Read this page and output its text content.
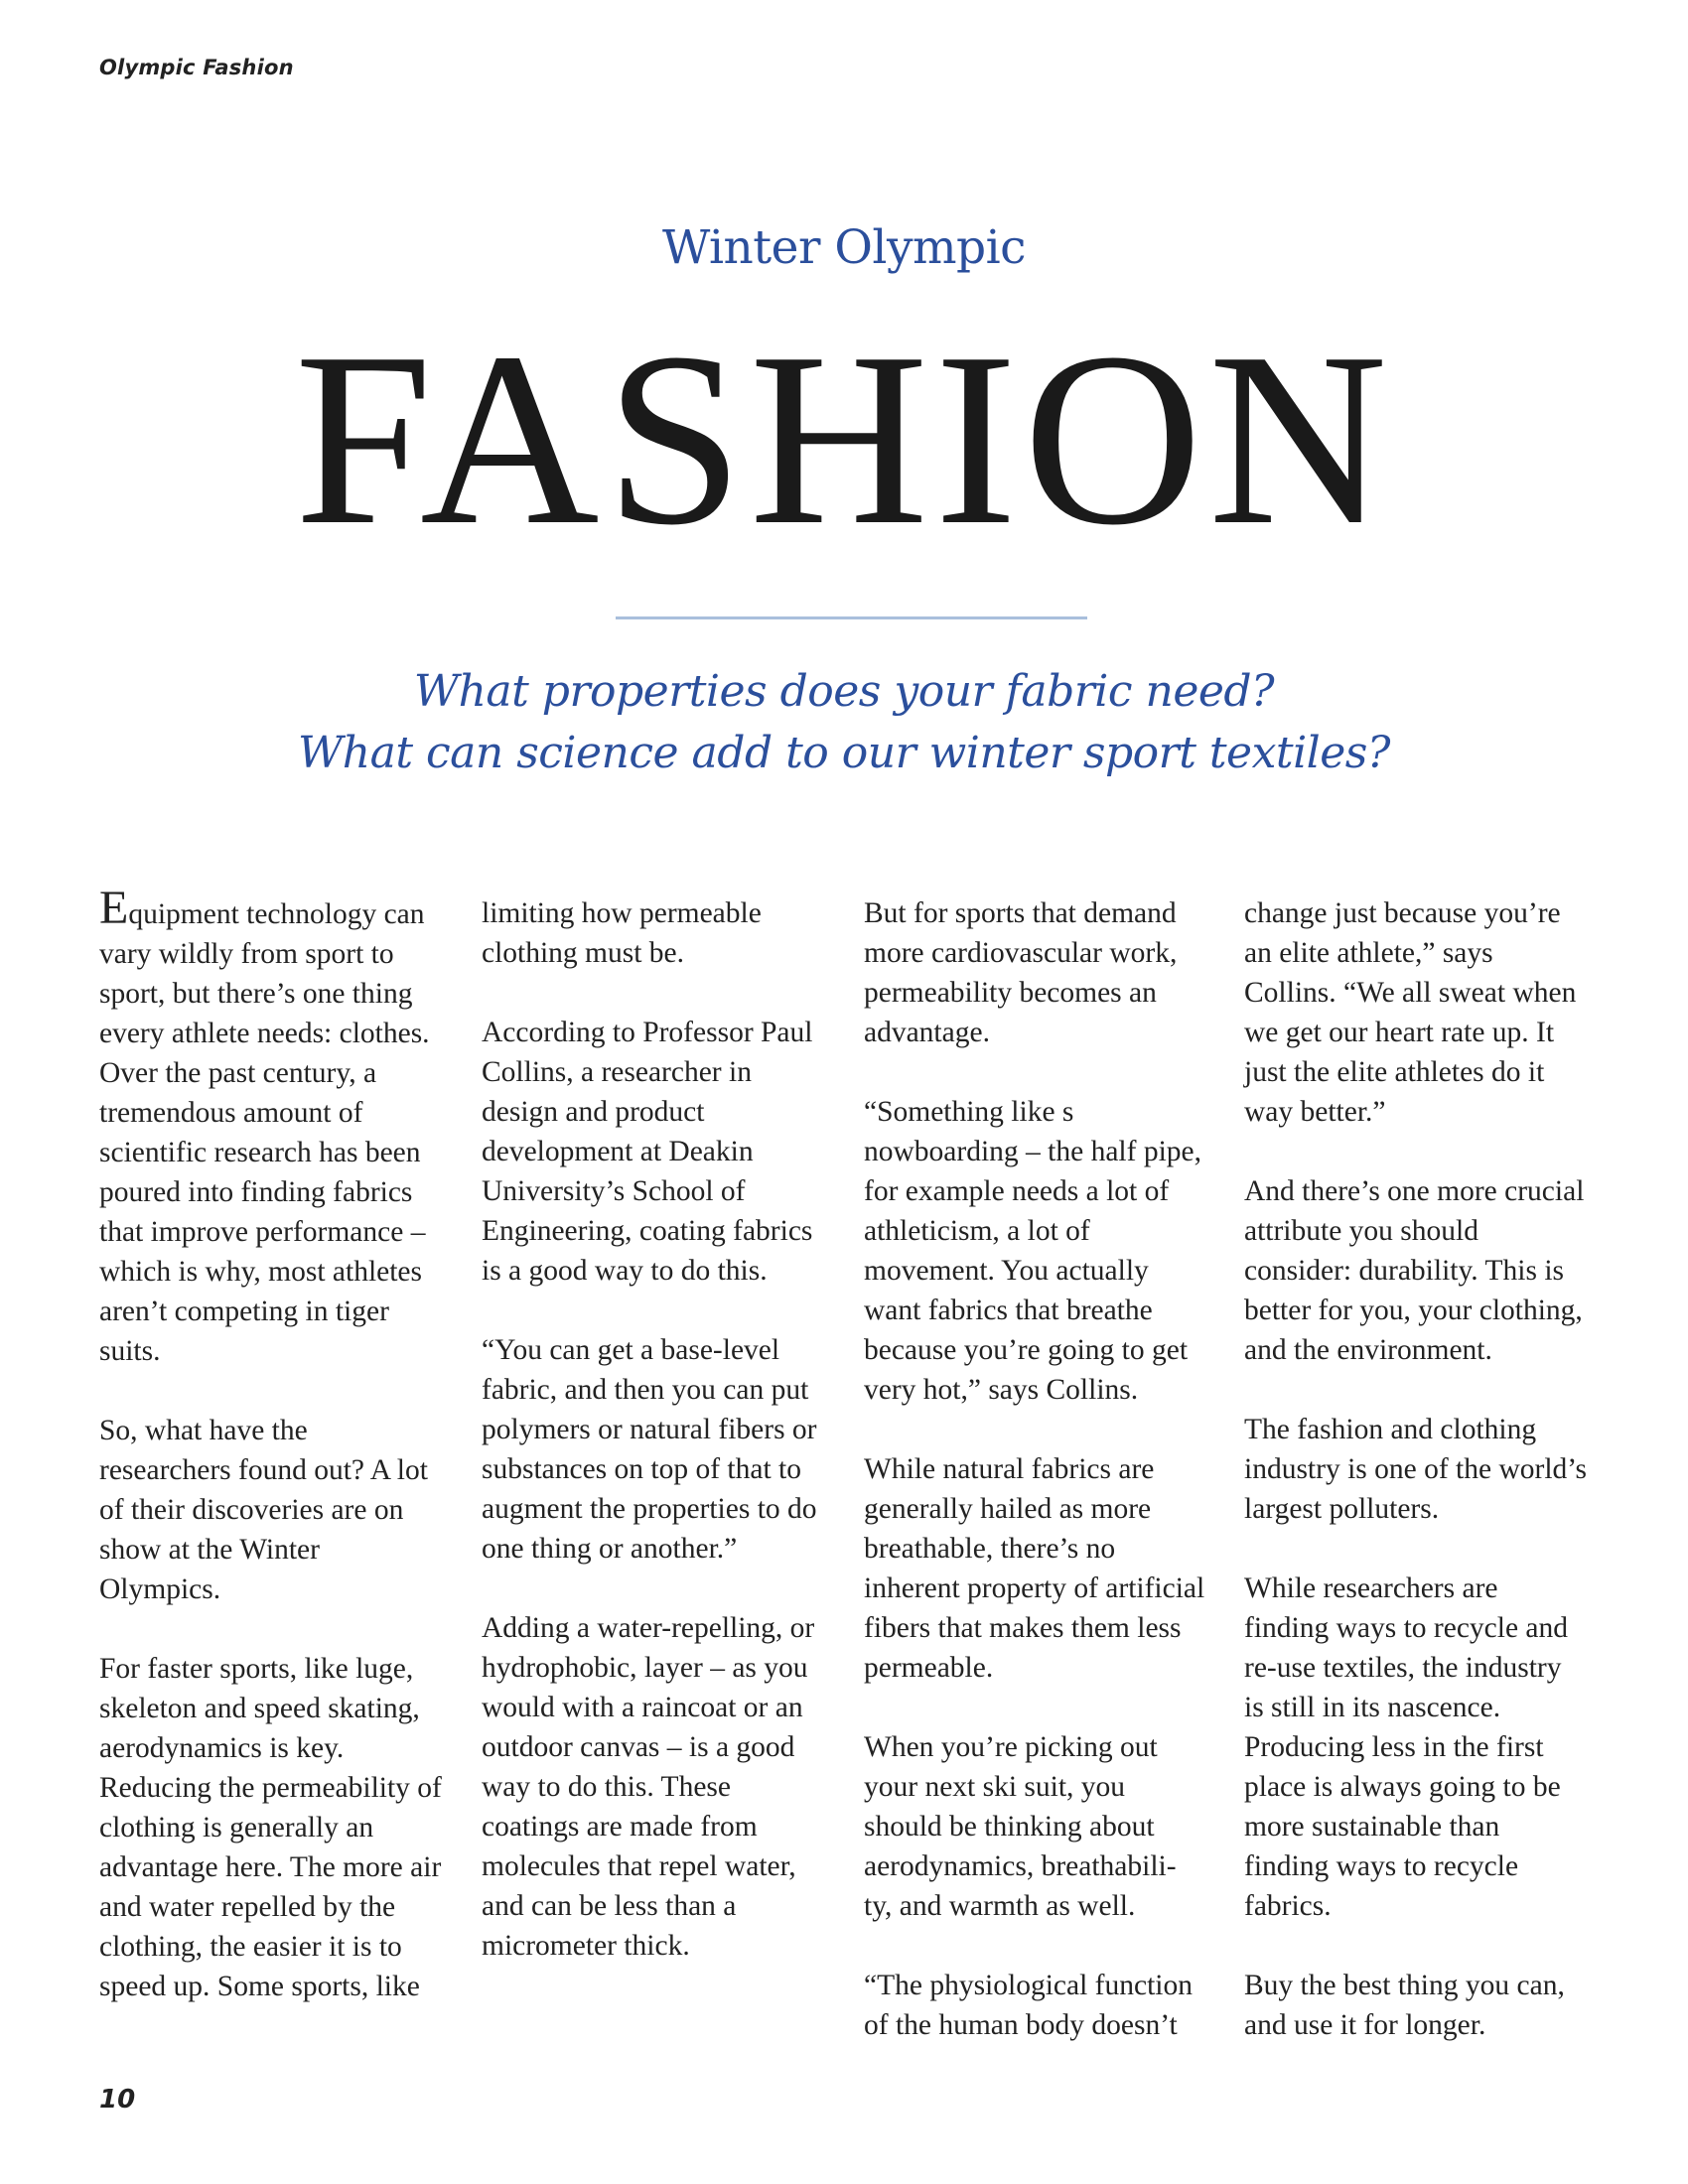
Olympic Fashion
Winter Olympic
FASHION
What properties does your fabric need?
What can science add to our winter sport textiles?

Equipment technology can vary wildly from sport to sport, but there’s one thing every athlete needs: clothes. Over the past century, a tremendous amount of scientific research has been poured into finding fabrics that improve performance – which is why, most athletes aren’t competing in tiger suits.

So, what have the researchers found out? A lot of their discoveries are on show at the Winter Olympics.

For faster sports, like luge, skeleton and speed skating, aerodynamics is key. Reducing the permeability of clothing is generally an advantage here. The more air and water repelled by the clothing, the easier it is to speed up. Some sports, like

limiting how permeable clothing must be.

According to Professor Paul Collins, a researcher in design and product development at Deakin University’s School of Engineering, coating fabrics is a good way to do this.

“You can get a base-level fabric, and then you can put polymers or natural fibers or substances on top of that to augment the properties to do one thing or another.”

Adding a water-repelling, or hydrophobic, layer – as you would with a raincoat or an outdoor canvas – is a good way to do this. These coatings are made from molecules that repel water, and can be less than a micrometer thick.

But for sports that demand more cardiovascular work, permeability becomes an advantage.

“Something like s nowboarding – the half pipe, for example needs a lot of athleticism, a lot of movement. You actually want fabrics that breathe because you’re going to get very hot,” says Collins.

While natural fabrics are generally hailed as more breathable, there’s no inherent property of artificial fibers that makes them less permeable.

When you’re picking out your next ski suit, you should be thinking about aerodynamics, breathabili- ty, and warmth as well.

“The physiological function of the human body doesn’t

change just because you’re an elite athlete,” says Collins. “We all sweat when we get our heart rate up. It just the elite athletes do it way better.”

And there’s one more crucial attribute you should consider: durability. This is better for you, your clothing, and the environment.

The fashion and clothing industry is one of the world’s largest polluters.

While researchers are finding ways to recycle and re-use textiles, the industry is still in its nascence. Producing less in the first place is always going to be more sustainable than finding ways to recycle fabrics.

Buy the best thing you can, and use it for longer.

10
